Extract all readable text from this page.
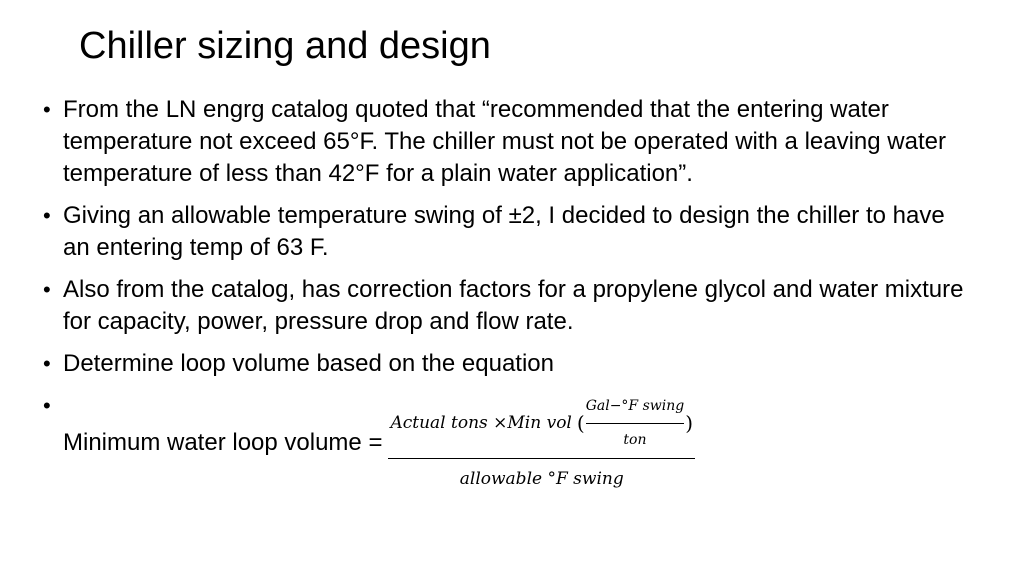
Chiller sizing and design
• From the LN engrg catalog quoted that “recommended that the entering water temperature not exceed 65°F. The chiller must not be operated with a leaving water temperature of less than 42°F for a plain water application”.
• Giving an allowable temperature swing of ±2, I decided to design the chiller to have an entering temp of 63 F.
• Also from the catalog, has correction factors for a propylene glycol and water mixture for capacity, power, pressure drop and flow rate.
• Determine loop volume based on the equation
•
Minimum water loop volume =
Actual tons ×Min vol ( $\frac{\text{Gal−°F swing}}{\text{ton}}$ )
allowable °F swing
